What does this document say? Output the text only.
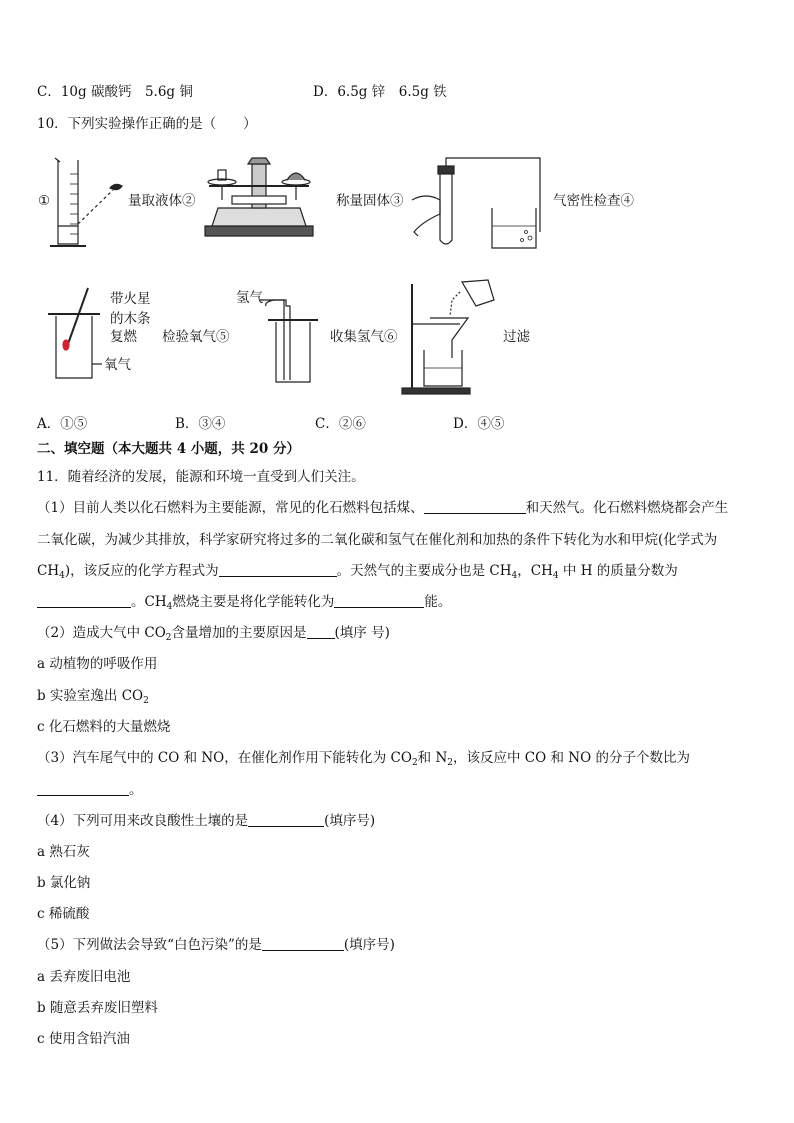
C．10g 碳酸钙　5.6g 铜	D．6.5g 锌　6.5g 铁
10．下列实验操作正确的是（　　）
①	量取液体②	称量固体③	气密性检查④
带火星
的木条
复燃
氧气
检验氧气⑤
氢气
收集氢气⑥	过滤
A．①⑤	B．③④	C．②⑥	D．④⑤
二、填空题（本大题共 4 小题，共 20 分）
11．随着经济的发展，能源和环境一直受到人们关注。
（1）目前人类以化石燃料为主要能源，常见的化石燃料包括煤、	和天然气。化石燃料燃烧都会产生
二氧化碳，为减少其排放，科学家研究将过多的二氧化碳和氢气在催化剂和加热的条件下转化为水和甲烷(化学式为
$CH_4$)，该反应的化学方程式为	。天然气的主要成分也是 $CH_4$，$CH_4$ 中 H 的质量分数为
。$CH_4$燃烧主要是将化学能转化为	能。
（2）造成大气中 $CO_2$含量增加的主要原因是 (填序 号)
a 动植物的呼吸作用
b 实验室逸出 $CO_2$
c 化石燃料的大量燃烧
（3）汽车尾气中的 CO 和 NO，在催化剂作用下能转化为 $CO_2$和 $N_2$，该反应中 CO 和 NO 的分子个数比为
。
（4）下列可用来改良酸性土壤的是	(填序号)
a 熟石灰
b 氯化钠
c 稀硫酸
（5）下列做法会导致“白色污染”的是	(填序号)
a 丢弃废旧电池
b 随意丢弃废旧塑料
c 使用含铅汽油
